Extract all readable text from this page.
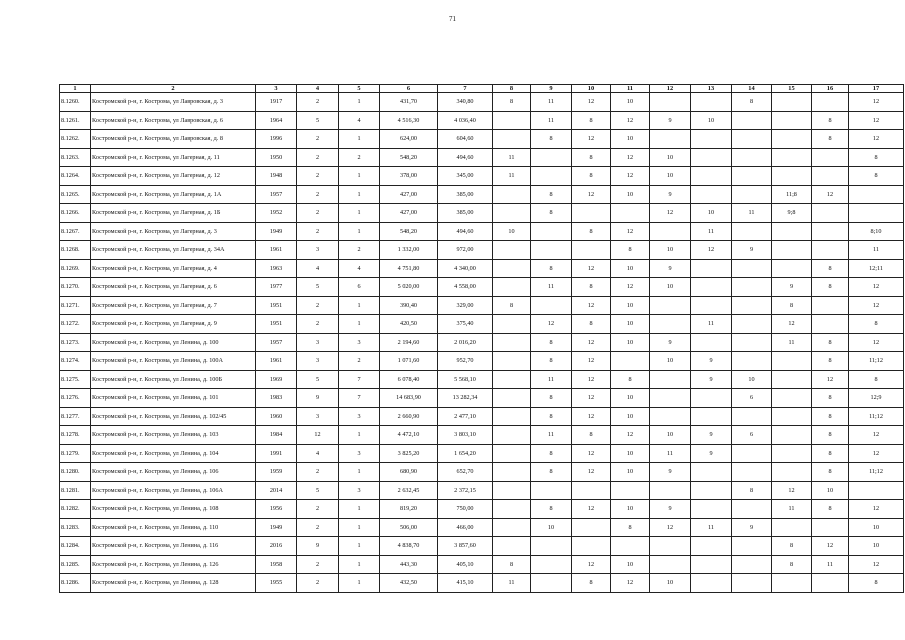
71
1	2	3	4	5	6	7	8	9	10	11	12	13	14	15	16	17
8.1260.	Костромской р-н, г. Кострома, ул Лавровская, д. 3	1917	2	1	431,70	340,80	8	11	12	10			8			12
8.1261.	Костромской р-н, г. Кострома, ул Лавровская, д. 6	1964	5	4	4 516,30	4 036,40		11	8	12	9	10			8	12
8.1262.	Костромской р-н, г. Кострома, ул Лавровская, д. 8	1996	2	1	624,00	604,60		8	12	10					8	12
8.1263.	Костромской р-н, г. Кострома, ул Лагерная, д. 11	1950	2	2	548,20	494,60	11		8	12	10					8
8.1264.	Костромской р-н, г. Кострома, ул Лагерная, д. 12	1948	2	1	378,00	345,00	11		8	12	10					8
8.1265.	Костромской р-н, г. Кострома, ул Лагерная, д. 1А	1957	2	1	427,00	385,00		8	12	10	9			11;8	12	
8.1266.	Костромской р-н, г. Кострома, ул Лагерная, д. 1Б	1952	2	1	427,00	385,00		8			12	10	11	9;8		
8.1267.	Костромской р-н, г. Кострома, ул Лагерная, д. 3	1949	2	1	548,20	494,60	10		8	12		11				8;10
8.1268.	Костромской р-н, г. Кострома, ул Лагерная, д. 34А	1961	3	2	1 332,00	972,00				8	10	12	9			11
8.1269.	Костромской р-н, г. Кострома, ул Лагерная, д. 4	1963	4	4	4 751,80	4 340,00		8	12	10	9				8	12;11
8.1270.	Костромской р-н, г. Кострома, ул Лагерная, д. 6	1977	5	6	5 020,00	4 558,00		11	8	12	10			9	8	12
8.1271.	Костромской р-н, г. Кострома, ул Лагерная, д. 7	1951	2	1	390,40	329,00	8		12	10				8		12
8.1272.	Костромской р-н, г. Кострома, ул Лагерная, д. 9	1951	2	1	420,50	375,40		12	8	10		11		12		8
8.1273.	Костромской р-н, г. Кострома, ул Ленина, д. 100	1957	3	3	2 194,60	2 016,20		8	12	10	9			11	8	12
8.1274.	Костромской р-н, г. Кострома, ул Ленина, д. 100А	1961	3	2	1 071,60	952,70		8	12		10	9			8	11;12
8.1275.	Костромской р-н, г. Кострома, ул Ленина, д. 100Б	1969	5	7	6 078,40	5 568,10		11	12	8		9	10		12	8
8.1276.	Костромской р-н, г. Кострома, ул Ленина, д. 101	1983	9	7	14 683,90	13 282,34		8	12	10			6		8	12;9
8.1277.	Костромской р-н, г. Кострома, ул Ленина, д. 102/45	1960	3	3	2 660,90	2 477,10		8	12	10					8	11;12
8.1278.	Костромской р-н, г. Кострома, ул Ленина, д. 103	1984	12	1	4 472,10	3 803,10		11	8	12	10	9	6		8	12
8.1279.	Костромской р-н, г. Кострома, ул Ленина, д. 104	1991	4	3	3 825,20	1 654,20		8	12	10	11	9			8	12
8.1280.	Костромской р-н, г. Кострома, ул Ленина, д. 106	1959	2	1	680,90	652,70		8	12	10	9				8	11;12
8.1281.	Костромской р-н, г. Кострома, ул Ленина, д. 106А	2014	5	3	2 632,45	2 372,15							8	12	10	
8.1282.	Костромской р-н, г. Кострома, ул Ленина, д. 108	1956	2	1	819,20	750,00		8	12	10	9			11	8	12
8.1283.	Костромской р-н, г. Кострома, ул Ленина, д. 110	1949	2	1	506,00	466,00		10		8	12	11	9			10
8.1284.	Костромской р-н, г. Кострома, ул Ленина, д. 116	2016	9	1	4 838,70	3 857,60								8	12	10
8.1285.	Костромской р-н, г. Кострома, ул Ленина, д. 126	1958	2	1	443,30	405,10	8		12	10				8	11	12
8.1286.	Костромской р-н, г. Кострома, ул Ленина, д. 128	1955	2	1	432,50	415,10	11		8	12	10					8
